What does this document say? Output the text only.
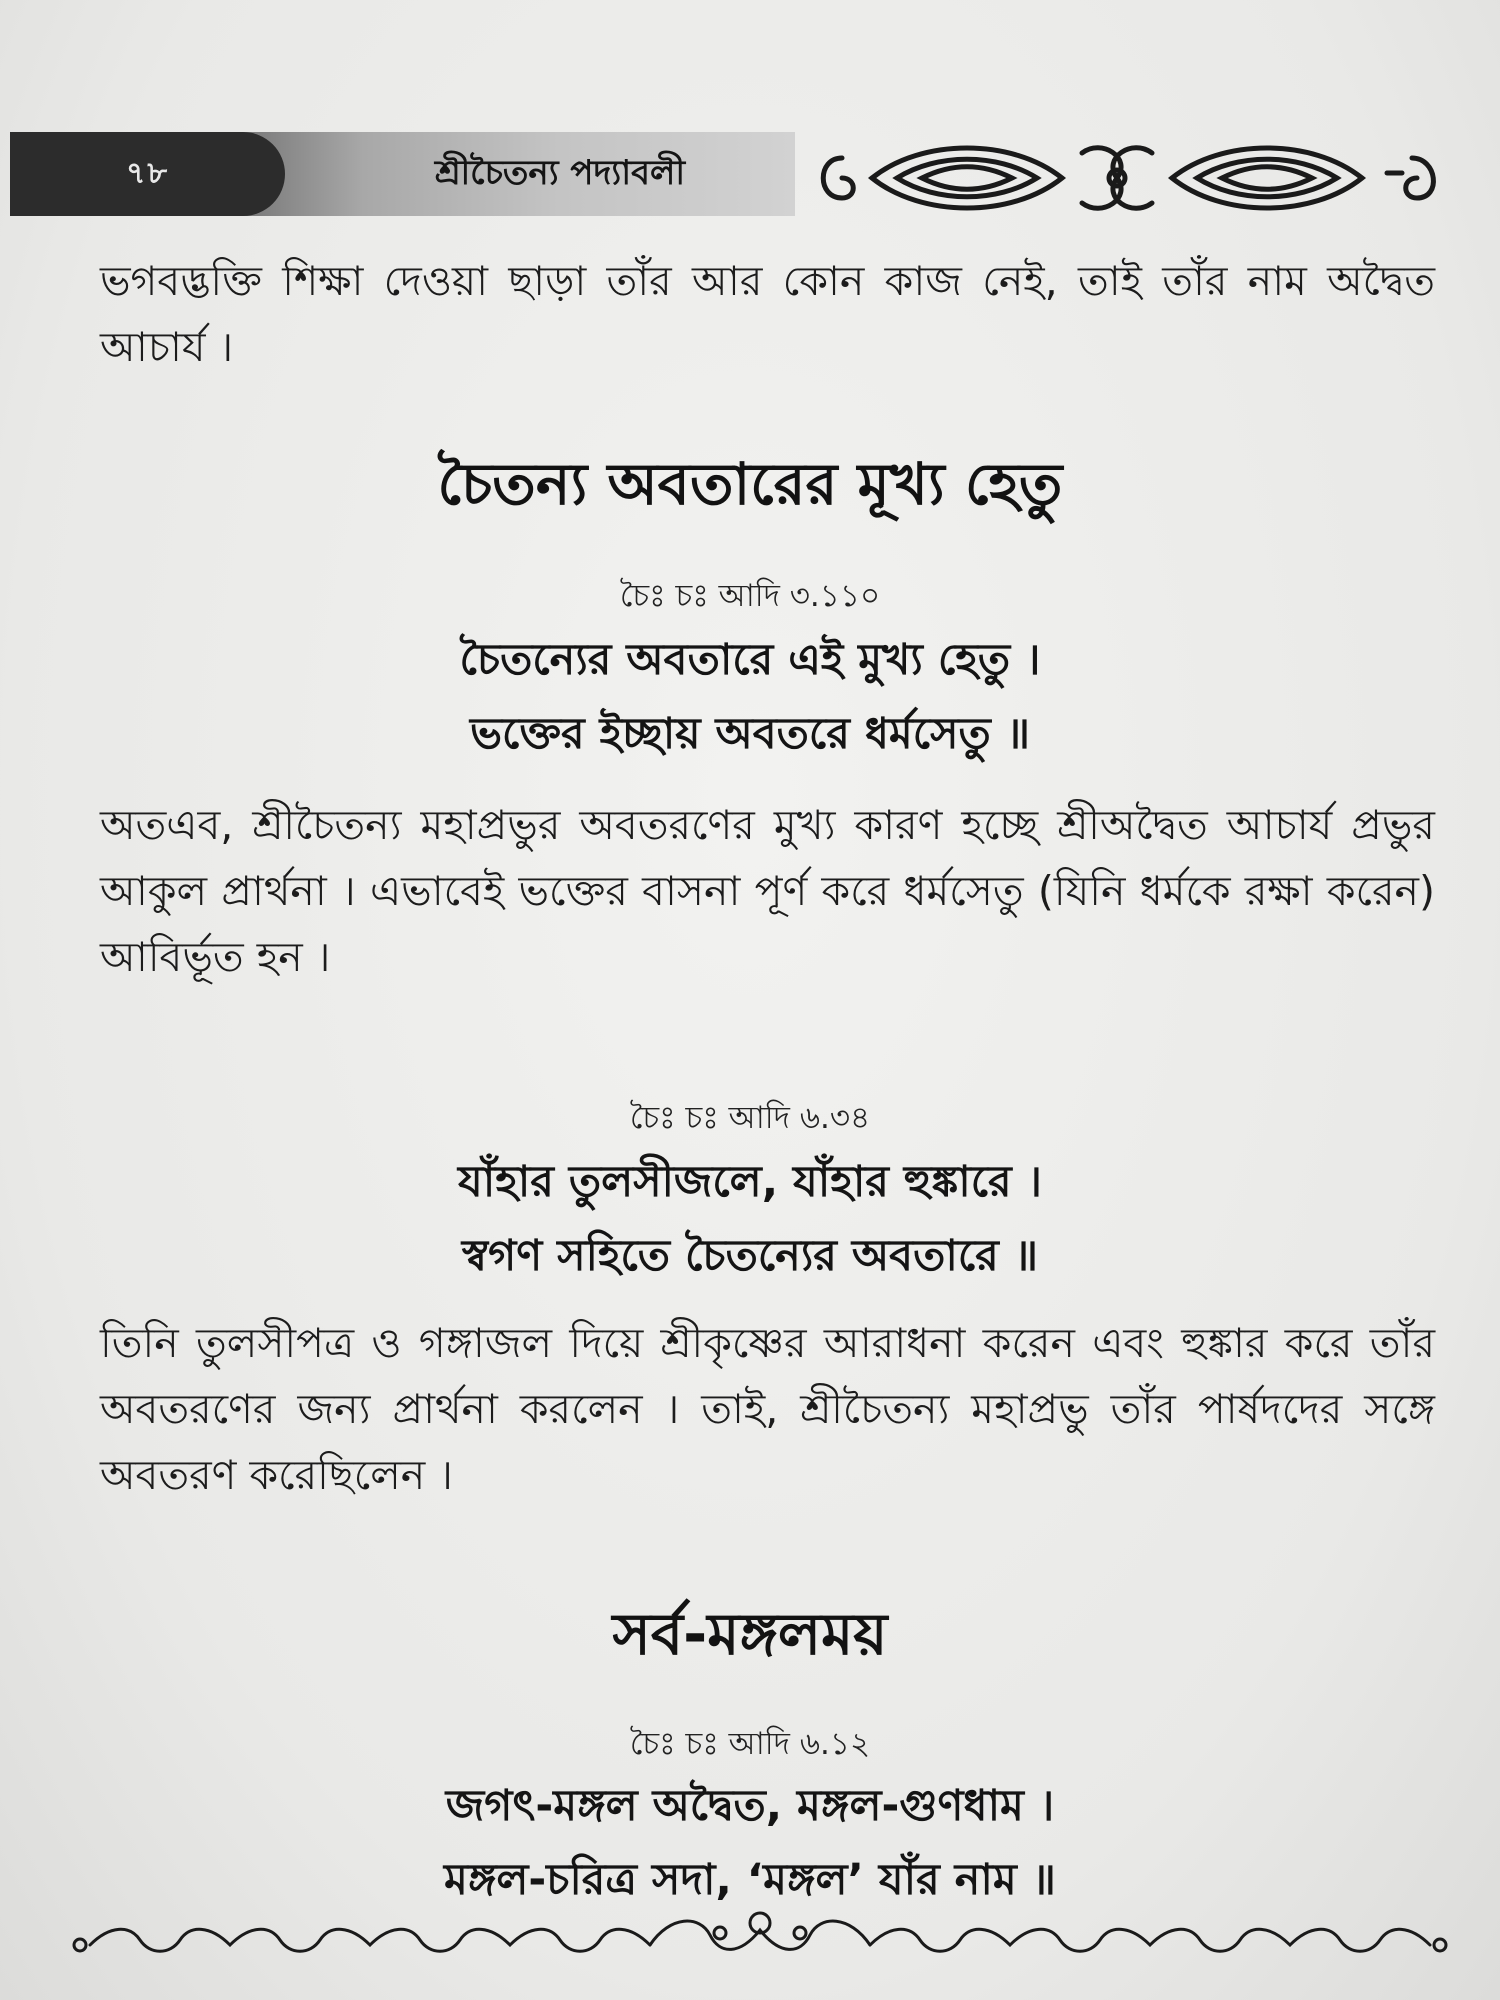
৭৮	শ্রীচৈতন্য পদ্যাবলী

ভগবদ্ভক্তি শিক্ষা দেওয়া ছাড়া তাঁর আর কোন কাজ নেই, তাই তাঁর নাম অদ্বৈত আচার্য ।

চৈতন্য অবতারের মূখ্য হেতু

চৈঃ চঃ আদি ৩.১১০

চৈতন্যের অবতারে এই মুখ্য হেতু ।

ভক্তের ইচ্ছায় অবতরে ধর্মসেতু ॥

অতএব, শ্রীচৈতন্য মহাপ্রভুর অবতরণের মুখ্য কারণ হচ্ছে শ্রীঅদ্বৈত আচার্য প্রভুর আকুল প্রার্থনা । এভাবেই ভক্তের বাসনা পূর্ণ করে ধর্মসেতু (যিনি ধর্মকে রক্ষা করেন) আবির্ভূত হন ।

চৈঃ চঃ আদি ৬.৩৪

যাঁহার তুলসীজলে, যাঁহার হুঙ্কারে ।

স্বগণ সহিতে চৈতন্যের অবতারে ॥

তিনি তুলসীপত্র ও গঙ্গাজল দিয়ে শ্রীকৃষ্ণের আরাধনা করেন এবং হুঙ্কার করে তাঁর অবতরণের জন্য প্রার্থনা করলেন । তাই, শ্রীচৈতন্য মহাপ্রভু তাঁর পার্ষদদের সঙ্গে অবতরণ করেছিলেন ।

সর্ব-মঙ্গলময়

চৈঃ চঃ আদি ৬.১২

জগৎ-মঙ্গল অদ্বৈত, মঙ্গল-গুণধাম ।

মঙ্গল-চরিত্র সদা, ‘মঙ্গল’ যাঁর নাম ॥
